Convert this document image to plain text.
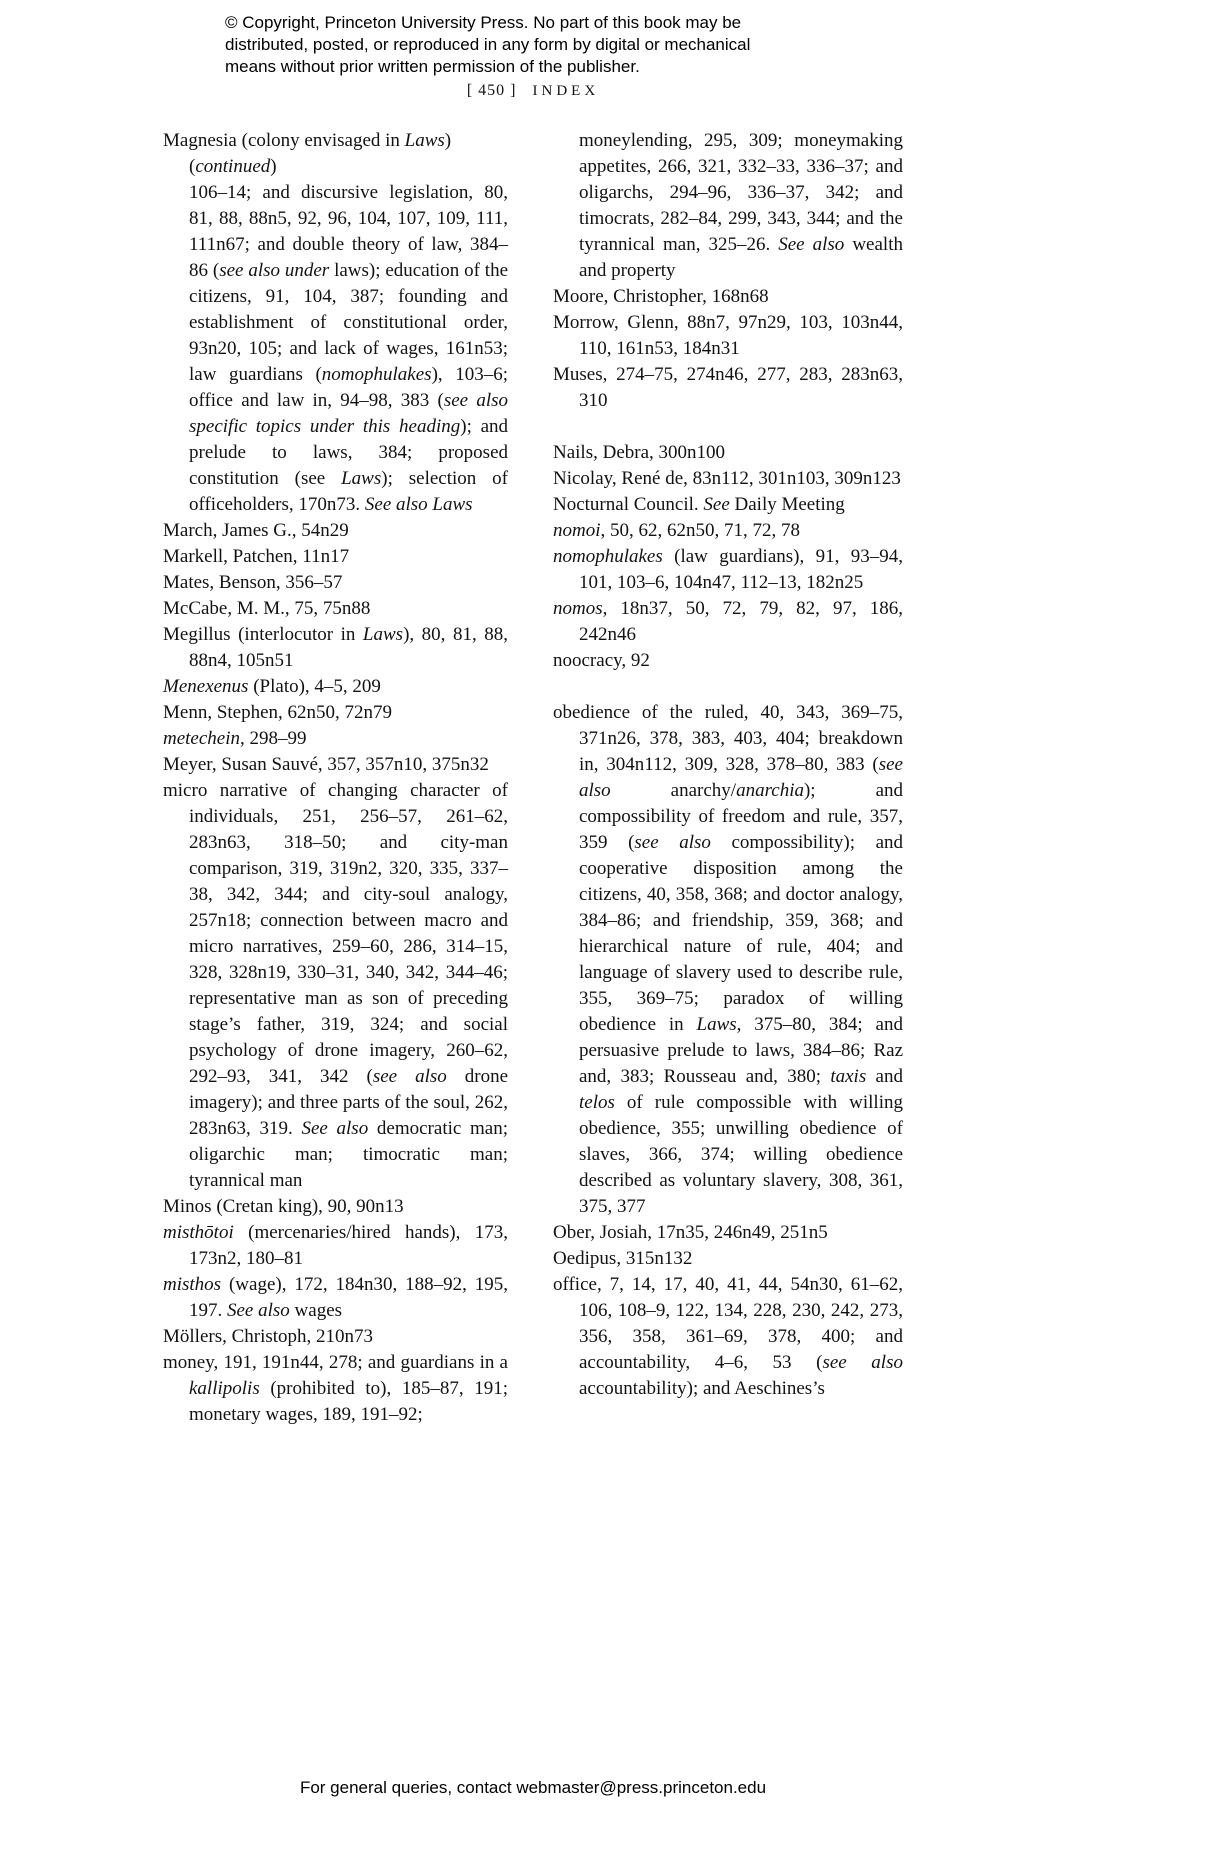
© Copyright, Princeton University Press. No part of this book may be
distributed, posted, or reproduced in any form by digital or mechanical
means without prior written permission of the publisher.
[ 450 ] INDEX

Magnesia (colony envisaged in Laws)

(continued)

106–14; and discursive legislation, 80, 81, 88, 88n5, 92, 96, 104, 107, 109, 111, 111n67; and double theory of law, 384–86 (see also under laws); education of the citizens, 91, 104, 387; founding and establishment of constitutional order, 93n20, 105; and lack of wages, 161n53; law guardians (nomophulakes), 103–6; office and law in, 94–98, 383 (see also specific topics under this heading); and prelude to laws, 384; proposed constitution (see Laws); selection of officeholders, 170n73. See also Laws

March, James G., 54n29

Markell, Patchen, 11n17

Mates, Benson, 356–57

McCabe, M. M., 75, 75n88

Megillus (interlocutor in Laws), 80, 81, 88, 88n4, 105n51

Menexenus (Plato), 4–5, 209

Menn, Stephen, 62n50, 72n79

metechein, 298–99

Meyer, Susan Sauvé, 357, 357n10, 375n32

micro narrative of changing character of individuals, 251, 256–57, 261–62, 283n63, 318–50; and city-man comparison, 319, 319n2, 320, 335, 337–38, 342, 344; and city-soul analogy, 257n18; connection between macro and micro narratives, 259–60, 286, 314–15, 328, 328n19, 330–31, 340, 342, 344–46; representative man as son of preceding stage’s father, 319, 324; and social psychology of drone imagery, 260–62, 292–93, 341, 342 (see also drone imagery); and three parts of the soul, 262, 283n63, 319. See also democratic man; oligarchic man; timocratic man; tyrannical man

Minos (Cretan king), 90, 90n13

misthōtoi (mercenaries/hired hands), 173, 173n2, 180–81

misthos (wage), 172, 184n30, 188–92, 195, 197. See also wages

Möllers, Christoph, 210n73

money, 191, 191n44, 278; and guardians in a kallipolis (prohibited to), 185–87, 191; monetary wages, 189, 191–92;

moneylending, 295, 309; moneymaking appetites, 266, 321, 332–33, 336–37; and oligarchs, 294–96, 336–37, 342; and timocrats, 282–84, 299, 343, 344; and the tyrannical man, 325–26. See also wealth and property

Moore, Christopher, 168n68

Morrow, Glenn, 88n7, 97n29, 103, 103n44, 110, 161n53, 184n31

Muses, 274–75, 274n46, 277, 283, 283n63, 310

Nails, Debra, 300n100

Nicolay, René de, 83n112, 301n103, 309n123

Nocturnal Council. See Daily Meeting

nomoi, 50, 62, 62n50, 71, 72, 78

nomophulakes (law guardians), 91, 93–94, 101, 103–6, 104n47, 112–13, 182n25

nomos, 18n37, 50, 72, 79, 82, 97, 186, 242n46

noocracy, 92

obedience of the ruled, 40, 343, 369–75, 371n26, 378, 383, 403, 404; breakdown in, 304n112, 309, 328, 378–80, 383 (see also anarchy/anarchia); and compossibility of freedom and rule, 357, 359 (see also compossibility); and cooperative disposition among the citizens, 40, 358, 368; and doctor analogy, 384–86; and friendship, 359, 368; and hierarchical nature of rule, 404; and language of slavery used to describe rule, 355, 369–75; paradox of willing obedience in Laws, 375–80, 384; and persuasive prelude to laws, 384–86; Raz and, 383; Rousseau and, 380; taxis and telos of rule compossible with willing obedience, 355; unwilling obedience of slaves, 366, 374; willing obedience described as voluntary slavery, 308, 361, 375, 377

Ober, Josiah, 17n35, 246n49, 251n5

Oedipus, 315n132

office, 7, 14, 17, 40, 41, 44, 54n30, 61–62, 106, 108–9, 122, 134, 228, 230, 242, 273, 356, 358, 361–69, 378, 400; and accountability, 4–6, 53 (see also accountability); and Aeschines’s

For general queries, contact webmaster@press.princeton.edu
